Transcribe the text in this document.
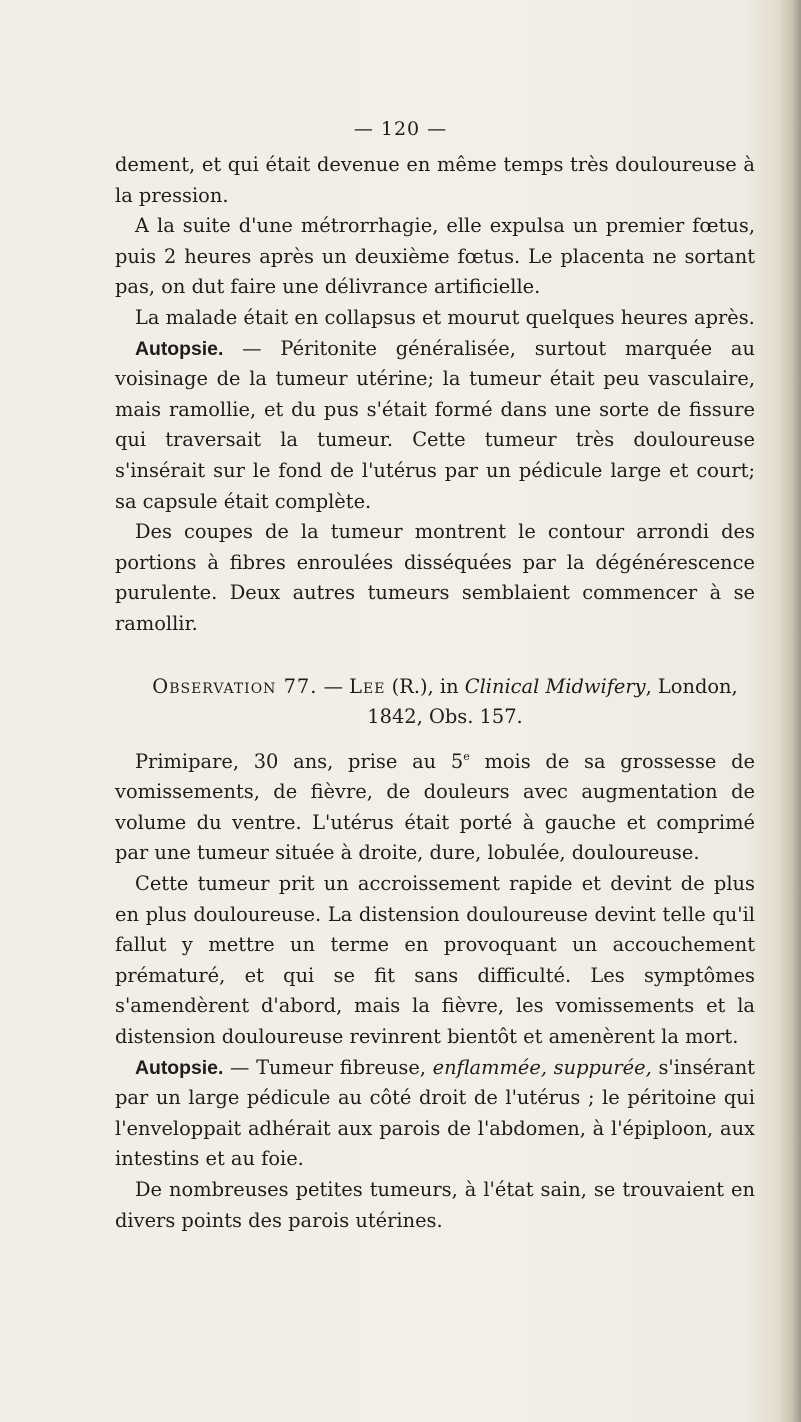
— 120 —

dement, et qui était devenue en même temps très douloureuse à la pression.

A la suite d'une métrorrhagie, elle expulsa un premier fœtus, puis 2 heures après un deuxième fœtus. Le placenta ne sortant pas, on dut faire une délivrance artificielle.

La malade était en collapsus et mourut quelques heures après.

Autopsie. — Péritonite généralisée, surtout marquée au voisinage de la tumeur utérine; la tumeur était peu vasculaire, mais ramollie, et du pus s'était formé dans une sorte de fissure qui traversait la tumeur. Cette tumeur très douloureuse s'insérait sur le fond de l'utérus par un pédicule large et court; sa capsule était complète.

Des coupes de la tumeur montrent le contour arrondi des portions à fibres enroulées disséquées par la dégénérescence purulente. Deux autres tumeurs semblaient commencer à se ramollir.

Observation 77. — Lee (R.), in Clinical Midwifery, London,
1842, Obs. 157.

Primipare, 30 ans, prise au 5e mois de sa grossesse de vomissements, de fièvre, de douleurs avec augmentation de volume du ventre. L'utérus était porté à gauche et comprimé par une tumeur située à droite, dure, lobulée, douloureuse.

Cette tumeur prit un accroissement rapide et devint de plus en plus douloureuse. La distension douloureuse devint telle qu'il fallut y mettre un terme en provoquant un accouchement prématuré, et qui se fit sans difficulté. Les symptômes s'amendèrent d'abord, mais la fièvre, les vomissements et la distension douloureuse revinrent bientôt et amenèrent la mort.

Autopsie. — Tumeur fibreuse, enflammée, suppurée, s'insérant par un large pédicule au côté droit de l'utérus ; le péritoine qui l'enveloppait adhérait aux parois de l'abdomen, à l'épiploon, aux intestins et au foie.

De nombreuses petites tumeurs, à l'état sain, se trouvaient en divers points des parois utérines.
